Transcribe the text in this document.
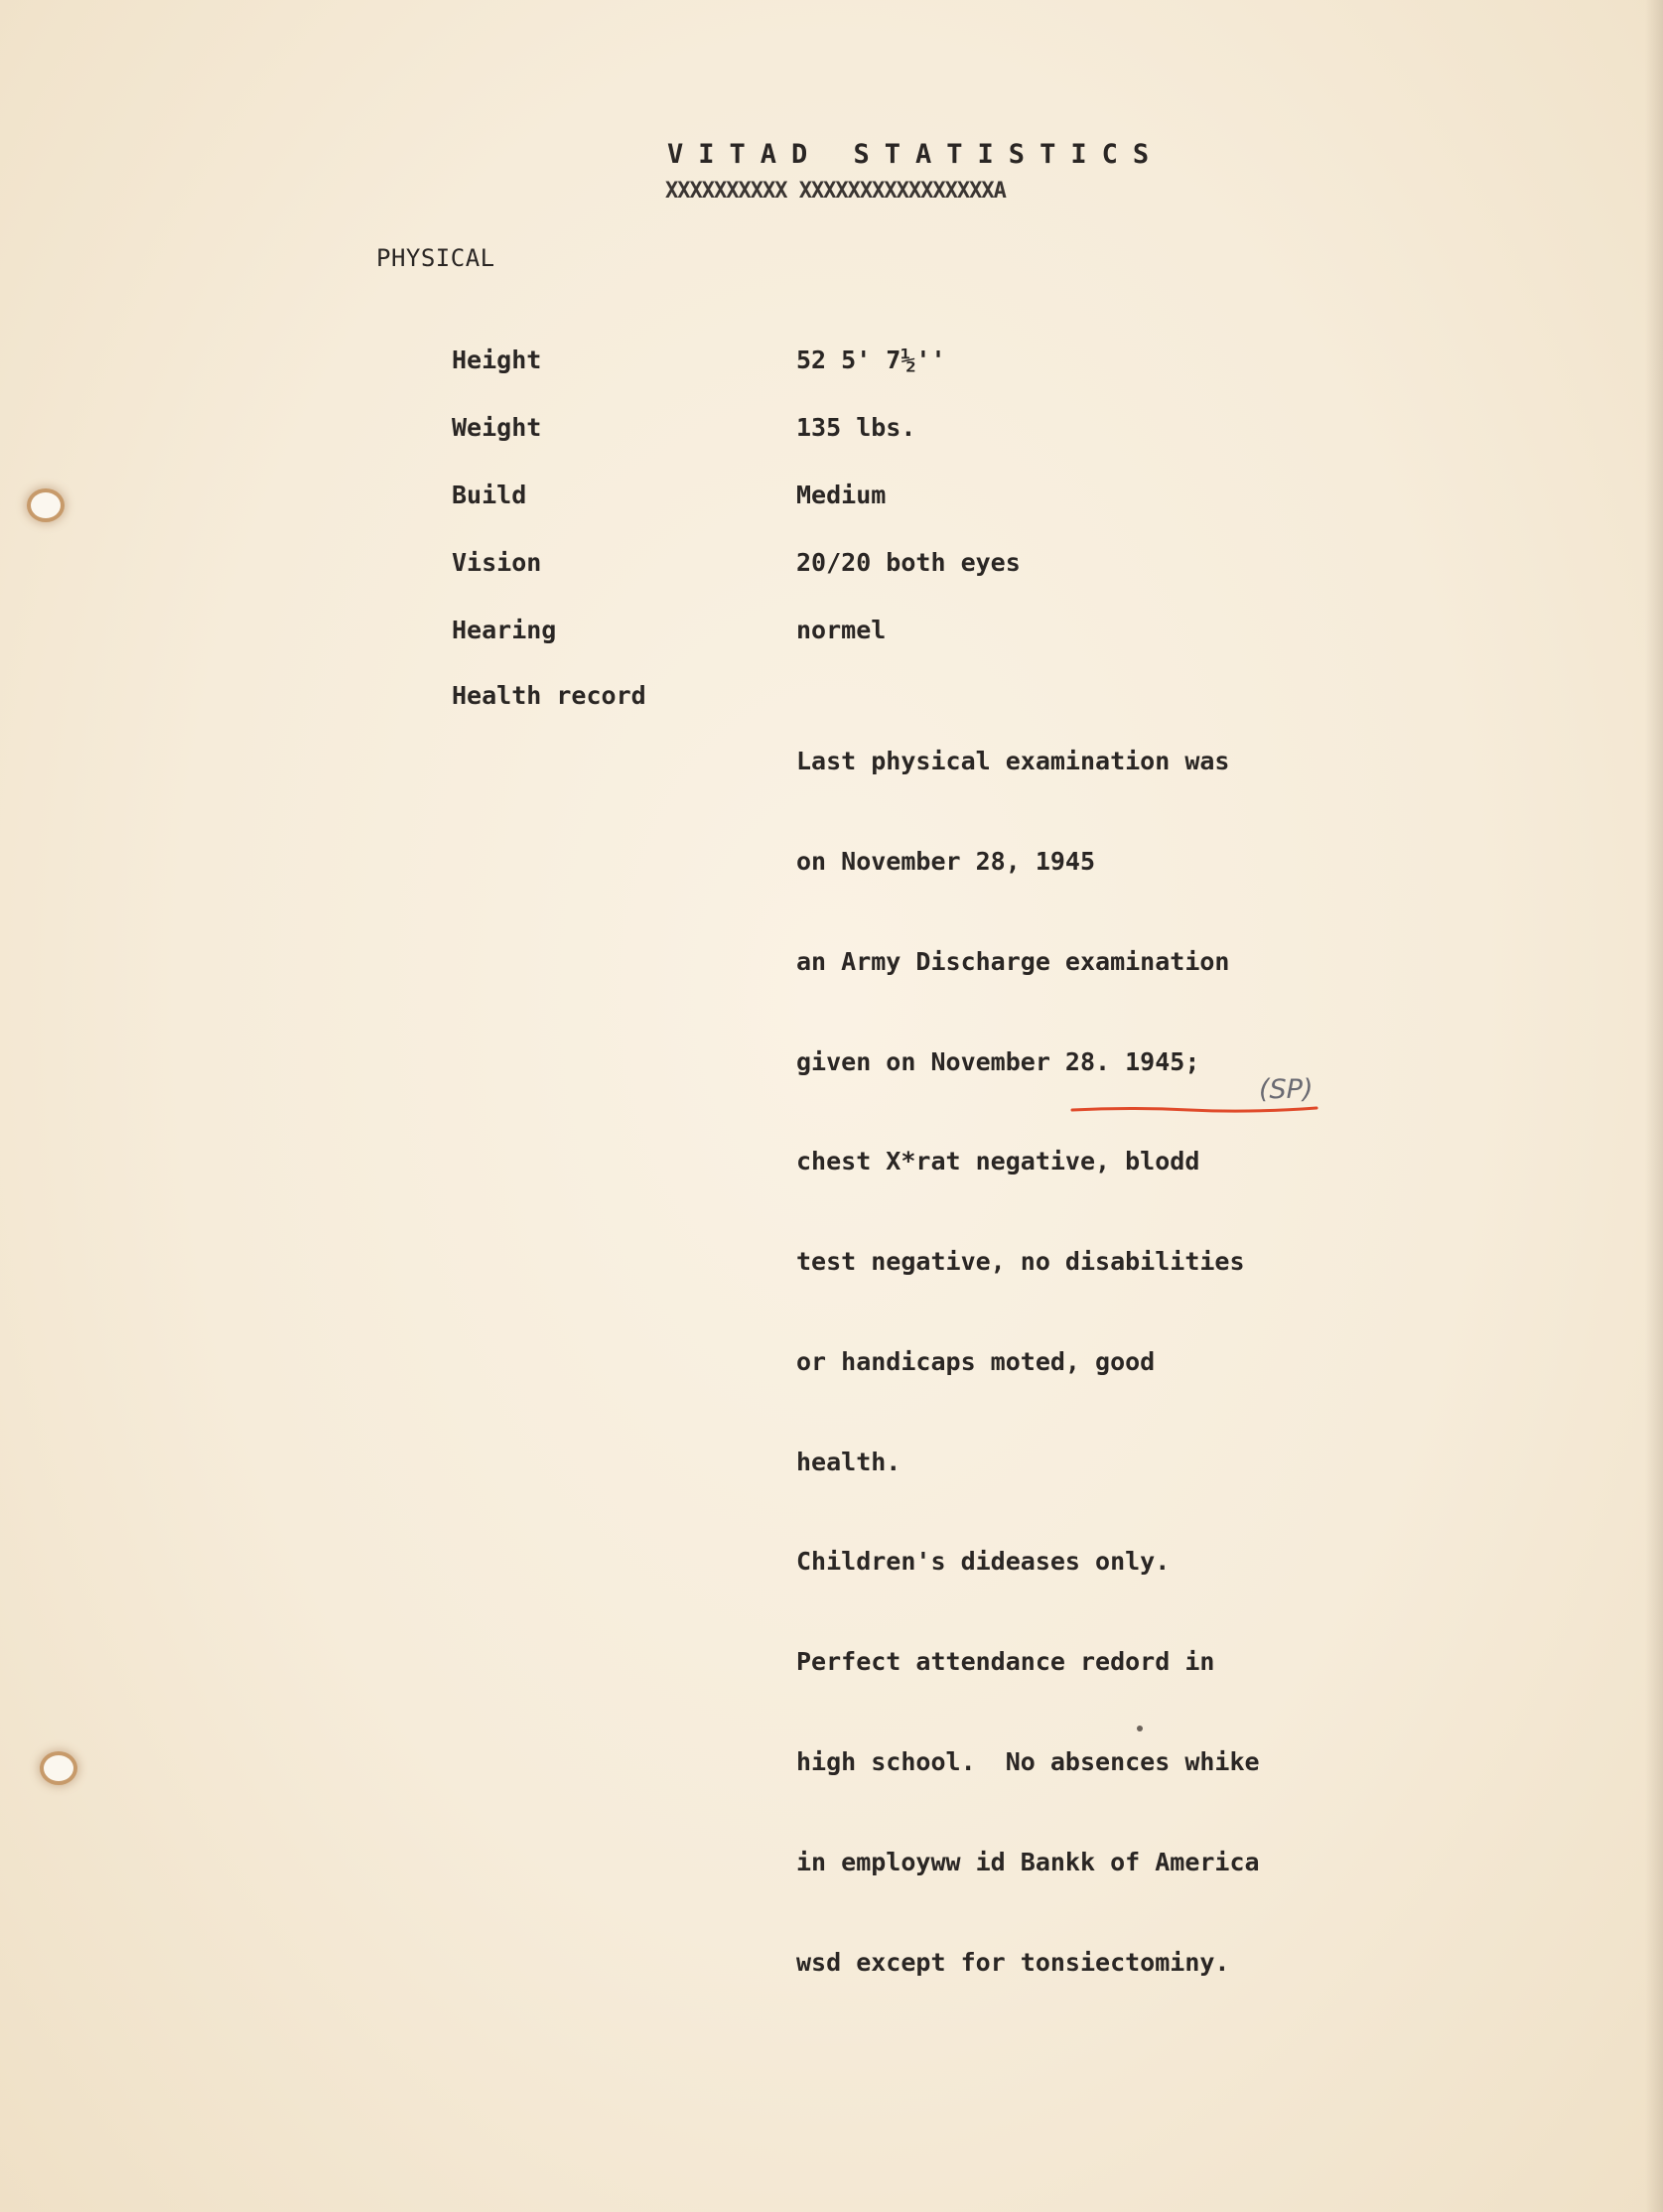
VITAD STATISTICS
XXXXXXXXXX XXXXXXXXXXXXXXXXA
PHYSICAL
Height	52 5' 7½''
Weight	135 lbs.
Build	Medium
Vision	20/20 both eyes
Hearing	normel
Health record

Last physical examination was

on November 28, 1945

an Army Discharge examination

given on November 28. 1945;

chest X*rat negative, blodd

test negative, no disabilities

or handicaps moted, good

health.

Children's dideases only.

Perfect attendance redord in

high school.  No absences whike

in employww id Bankk of America

wsd except for tonsiectominy.

(SP)
